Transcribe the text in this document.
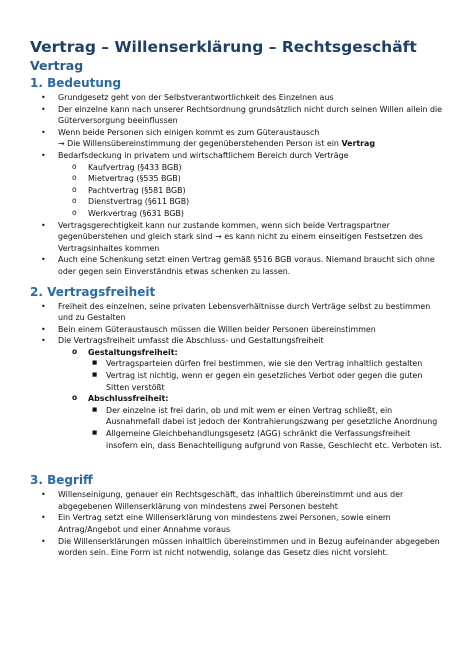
Vertrag – Willenserklärung – Rechtsgeschäft
Vertrag
1. Bedeutung
• Grundgesetz geht von der Selbstverantwortlichkeit des Einzelnen aus
• Der einzelne kann nach unserer Rechtsordnung grundsätzlich nicht durch seinen Willen allein die Güterversorgung beeinflussen
• Wenn beide Personen sich einigen kommt es zum Güteraustausch
→ Die Willensübereinstimmung der gegenüberstehenden Person ist ein Vertrag
• Bedarfsdeckung in privatem und wirtschaftlichem Bereich durch Verträge
o Kaufvertrag (§433 BGB)
o Mietvertrag (§535 BGB)
o Pachtvertrag (§581 BGB)
o Dienstvertrag (§611 BGB)
o Werkvertrag (§631 BGB)
• Vertragsgerechtigkeit kann nur zustande kommen, wenn sich beide Vertragspartner gegenüberstehen und gleich stark sind → es kann nicht zu einem einseitigen Festsetzen des Vertragsinhaltes kommen
• Auch eine Schenkung setzt einen Vertrag gemäß §516 BGB voraus. Niemand braucht sich ohne oder gegen sein Einverständnis etwas schenken zu lassen.
2. Vertragsfreiheit
• Freiheit des einzelnen, seine privaten Lebensverhältnisse durch Verträge selbst zu bestimmen und zu Gestalten
• Bein einem Güteraustausch müssen die Willen beider Personen übereinstimmen
• Die Vertragsfreiheit umfasst die Abschluss- und Gestaltungsfreiheit
o Gestaltungsfreiheit:
■ Vertragsparteien dürfen frei bestimmen, wie sie den Vertrag inhaltlich gestalten
■ Vertrag ist nichtig, wenn er gegen ein gesetzliches Verbot oder gegen die guten Sitten verstößt
o Abschlussfreiheit:
■ Der einzelne ist frei darin, ob und mit wem er einen Vertrag schließt, ein Ausnahmefall dabei ist jedoch der Kontrahierungszwang per gesetzliche Anordnung
■ Allgemeine Gleichbehandlungsgesetz (AGG) schränkt die Verfassungsfreiheit insofern ein, dass Benachteiligung aufgrund von Rasse, Geschlecht etc. Verboten ist.
3. Begriff
• Willenseinigung, genauer ein Rechtsgeschäft, das inhaltlich übereinstimmt und aus der abgegebenen Willenserklärung von mindestens zwei Personen besteht
• Ein Vertrag setzt eine Willenserklärung von mindestens zwei Personen, sowie einem Antrag/Angebot und einer Annahme voraus
• Die Willenserklärungen müssen inhaltlich übereinstimmen und in Bezug aufeinander abgegeben worden sein. Eine Form ist nicht notwendig, solange das Gesetz dies nicht vorsieht.
